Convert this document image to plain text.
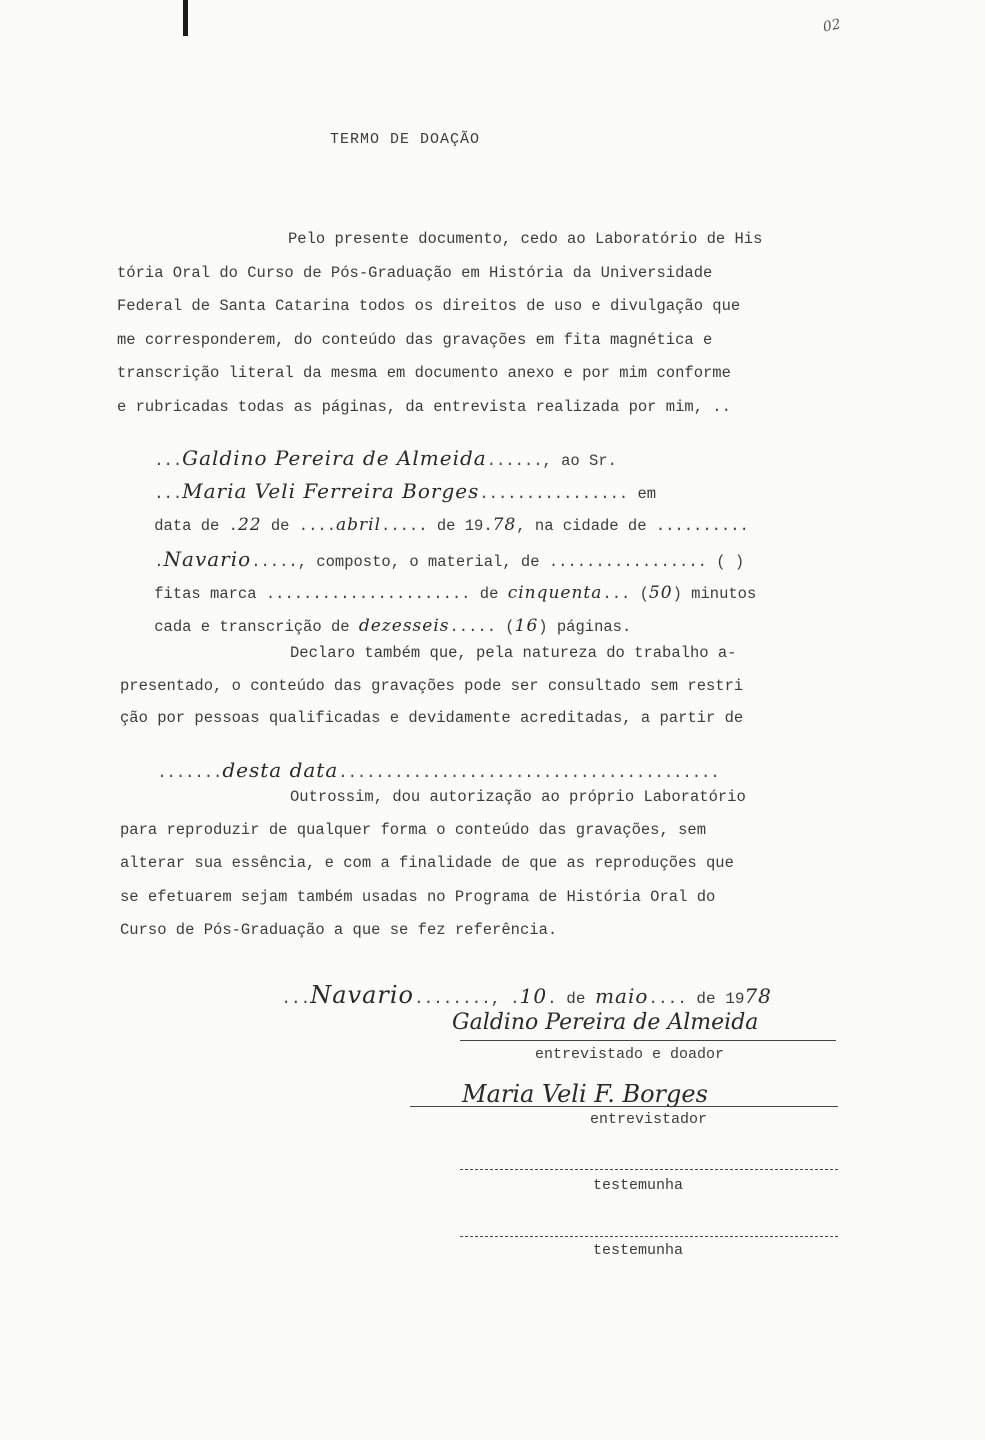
02
TERMO DE DOAÇÃO
Pelo presente documento, cedo ao Laboratório de His
tória Oral do Curso de Pós-Graduação em História da Universidade
Federal de Santa Catarina todos os direitos de uso e divulgação que
me corresponderem, do conteúdo das gravações em fita magnética e
transcrição literal da mesma em documento anexo e por mim conforme
e rubricadas todas as páginas, da entrevista realizada por mim, ..

...Galdino Pereira de Almeida......, ao Sr.

...Maria Veli Ferreira Borges................ em

data de .22 de ....abril..... de 19.78, na cidade de ..........

.Navario....., composto, o material, de ................. ( )

fitas marca ...................... de cinquenta... (50) minutos

cada e transcrição de dezesseis..... (16) páginas.

Declaro também que, pela natureza do trabalho a-
presentado, o conteúdo das gravações pode ser consultado sem restri
ção por pessoas qualificadas e devidamente acreditadas, a partir de

.......desta data.........................................

Outrossim, dou autorização ao próprio Laboratório
para reproduzir de qualquer forma o conteúdo das gravações, sem
alterar sua essência, e com a finalidade de que as reproduções que
se efetuarem sejam também usadas no Programa de História Oral do
Curso de Pós-Graduação a que se fez referência.

...Navario........, .10. de maio.... de 1978

Galdino Pereira de Almeida
entrevistado e doador
Maria Veli F. Borges
entrevistador
testemunha
testemunha
